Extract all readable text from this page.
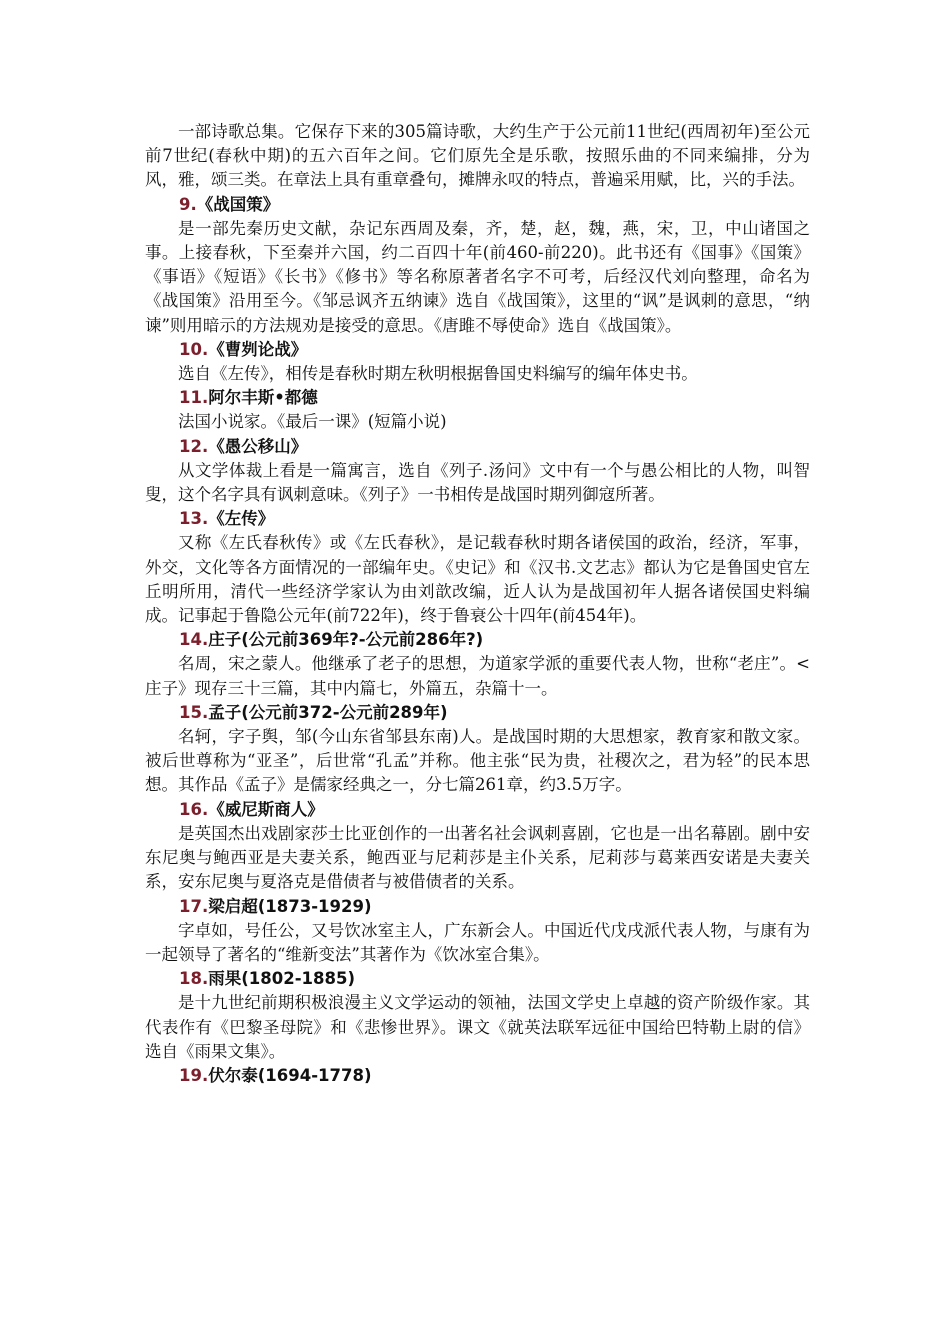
一部诗歌总集。它保存下来的305篇诗歌，大约生产于公元前11世纪(西周初年)至公元前7世纪(春秋中期)的五六百年之间。它们原先全是乐歌，按照乐曲的不同来编排，分为风，雅，颂三类。在章法上具有重章叠句，摊牌永叹的特点，普遍采用赋，比，兴的手法。

9.《战国策》

是一部先秦历史文献，杂记东西周及秦，齐，楚，赵，魏，燕，宋，卫，中山诸国之事。上接春秋，下至秦并六国，约二百四十年(前460-前220)。此书还有《国事》《国策》《事语》《短语》《长书》《修书》等名称原著者名字不可考，后经汉代刘向整理，命名为《战国策》沿用至今。《邹忌讽齐五纳谏》选自《战国策》，这里的“讽”是讽刺的意思，“纳谏”则用暗示的方法规劝是接受的意思。《唐雎不辱使命》选自《战国策》。

10.《曹刿论战》

选自《左传》，相传是春秋时期左秋明根据鲁国史料编写的编年体史书。

11.阿尔丰斯•都德

法国小说家。《最后一课》(短篇小说)

12.《愚公移山》

从文学体裁上看是一篇寓言，选自《列子.汤问》文中有一个与愚公相比的人物，叫智叟，这个名字具有讽刺意味。《列子》一书相传是战国时期列御寇所著。

13.《左传》

又称《左氏春秋传》或《左氏春秋》，是记载春秋时期各诸侯国的政治，经济，军事，外交，文化等各方面情况的一部编年史。《史记》和《汉书.文艺志》都认为它是鲁国史官左丘明所用，清代一些经济学家认为由刘歆改编，近人认为是战国初年人据各诸侯国史料编成。记事起于鲁隐公元年(前722年)，终于鲁衰公十四年(前454年)。

14.庄子(公元前369年?-公元前286年?)

名周，宋之蒙人。他继承了老子的思想，为道家学派的重要代表人物，世称“老庄”。<庄子》现存三十三篇，其中内篇七，外篇五，杂篇十一。

15.孟子(公元前372-公元前289年)

名轲，字子舆，邹(今山东省邹县东南)人。是战国时期的大思想家，教育家和散文家。被后世尊称为“亚圣”，后世常“孔孟”并称。他主张“民为贵，社稷次之，君为轻”的民本思想。其作品《孟子》是儒家经典之一，分七篇261章，约3.5万字。

16.《威尼斯商人》

是英国杰出戏剧家莎士比亚创作的一出著名社会讽刺喜剧，它也是一出名幕剧。剧中安东尼奥与鲍西亚是夫妻关系，鲍西亚与尼莉莎是主仆关系，尼莉莎与葛莱西安诺是夫妻关系，安东尼奥与夏洛克是借债者与被借债者的关系。

17.梁启超(1873-1929)

字卓如，号任公，又号饮冰室主人，广东新会人。中国近代戊戌派代表人物，与康有为一起领导了著名的“维新变法”其著作为《饮冰室合集》。

18.雨果(1802-1885)

是十九世纪前期积极浪漫主义文学运动的领袖，法国文学史上卓越的资产阶级作家。其代表作有《巴黎圣母院》和《悲惨世界》。课文《就英法联军远征中国给巴特勒上尉的信》选自《雨果文集》。

19.伏尔泰(1694-1778)
